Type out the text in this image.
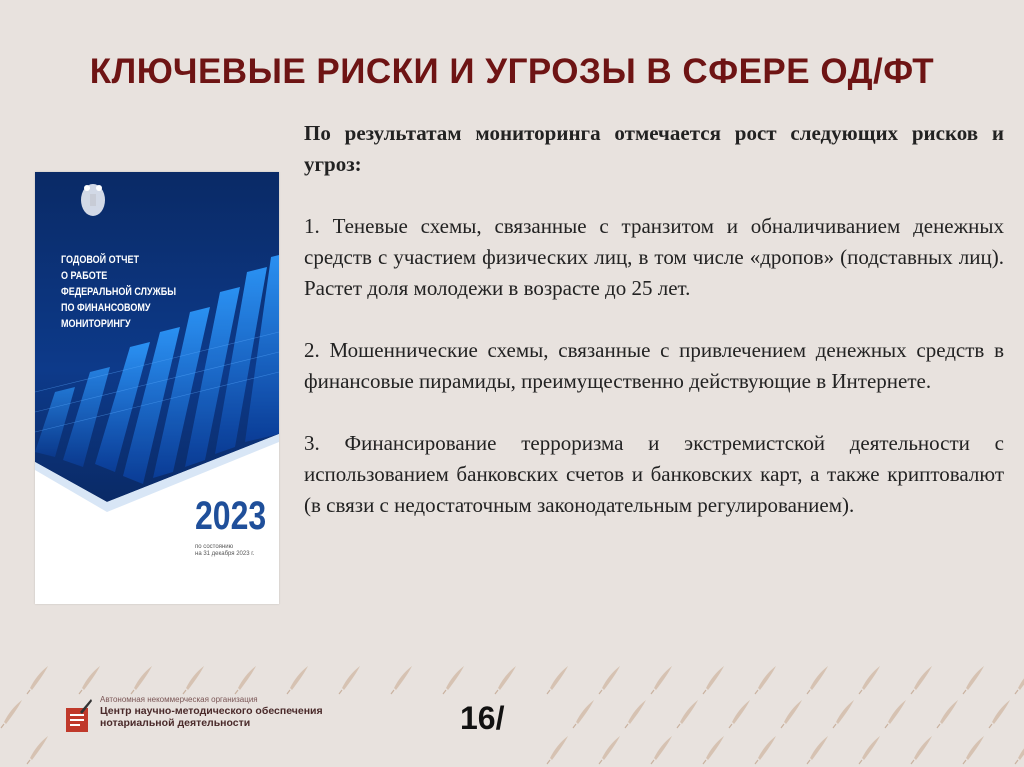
КЛЮЧЕВЫЕ РИСКИ И УГРОЗЫ В СФЕРЕ ОД/ФТ
ГОДОВОЙ ОТЧЕТ
О РАБОТЕ
ФЕДЕРАЛЬНОЙ СЛУЖБЫ
ПО ФИНАНСОВОМУ
МОНИТОРИНГУ
2023
по состоянию
на 31 декабря 2023 г.

По результатам мониторинга отмечается рост следующих рисков и угроз:

1. Теневые схемы, связанные с транзитом и обналичиванием денежных средств с участием физических лиц, в том числе «дропов» (подставных лиц). Растет доля молодежи в возрасте до 25 лет.

2. Мошеннические схемы, связанные с привлечением денежных средств в финансовые пирамиды, преимущественно действующие в Интернете.

3. Финансирование терроризма и экстремистской деятельности с использованием банковских счетов и банковских карт, а также криптовалют (в связи с недостаточным законодательным регулированием).

Автономная некоммерческая организация
Центр научно-методического обеспечения
нотариальной деятельности	16/
